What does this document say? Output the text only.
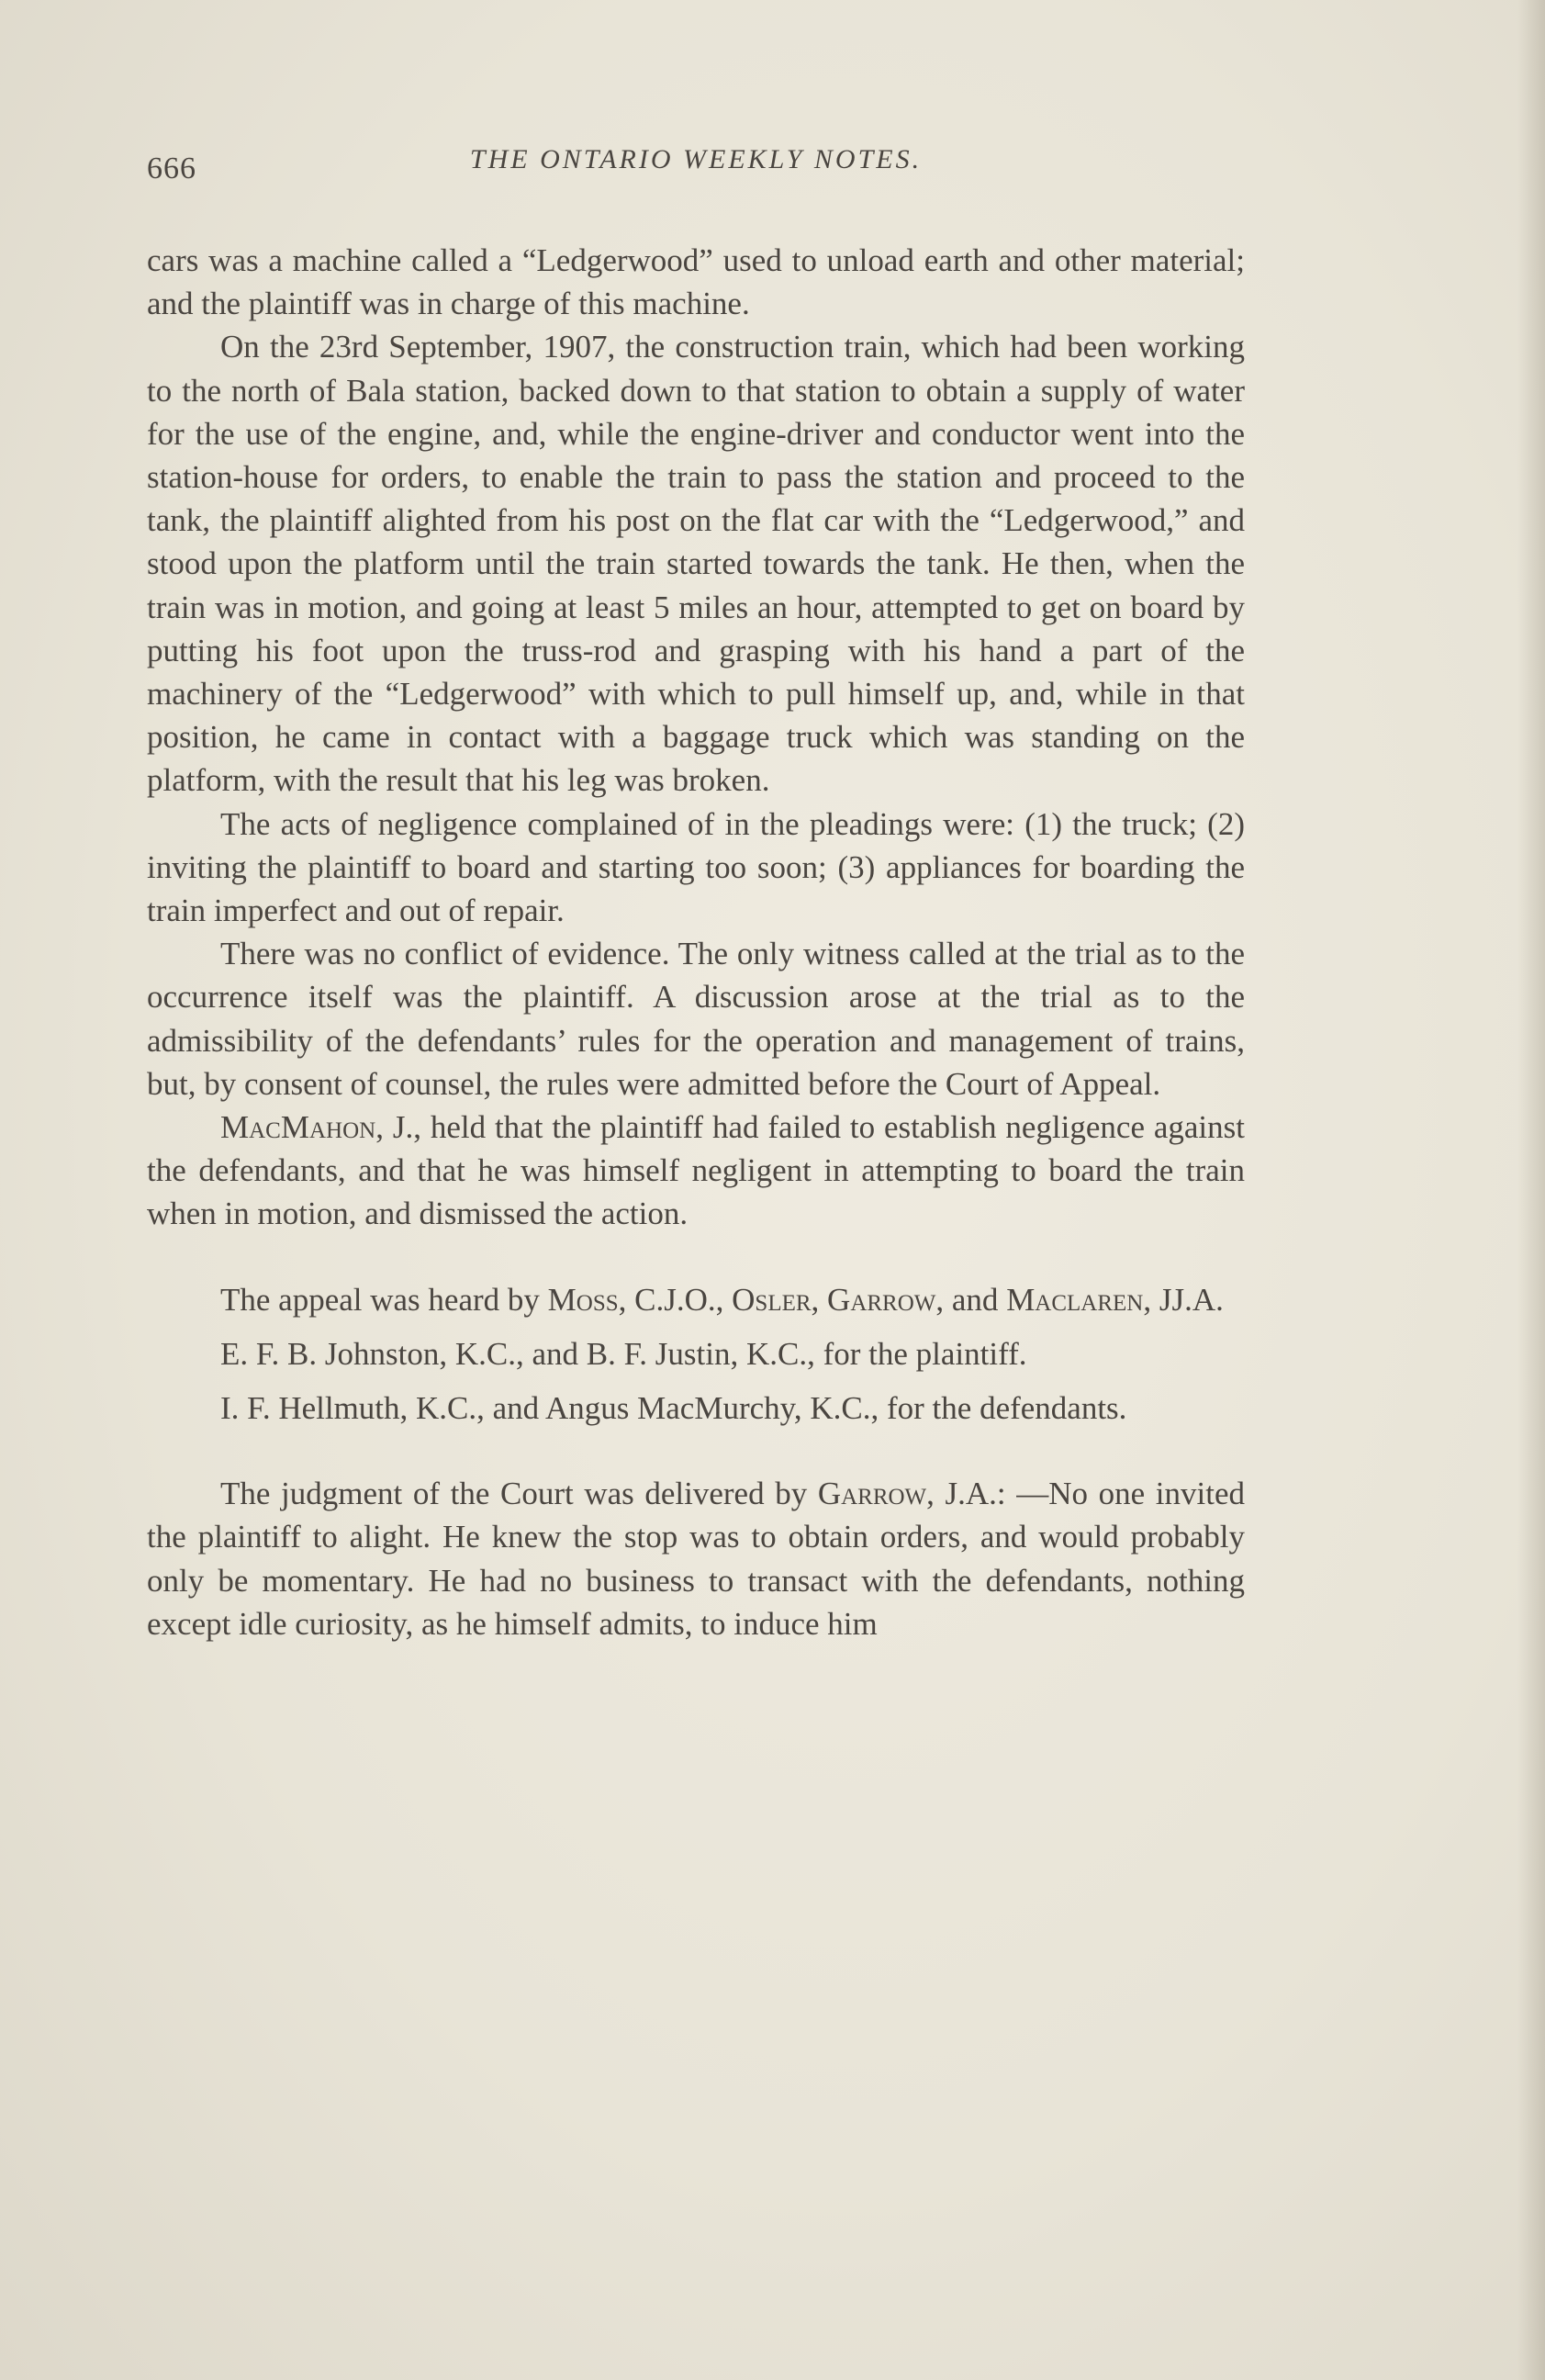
666	THE ONTARIO WEEKLY NOTES.

cars was a machine called a “Ledgerwood” used to unload earth and other material; and the plaintiff was in charge of this machine.

On the 23rd September, 1907, the construction train, which had been working to the north of Bala station, backed down to that station to obtain a supply of water for the use of the engine, and, while the engine-driver and conductor went into the station-house for orders, to enable the train to pass the station and proceed to the tank, the plaintiff alighted from his post on the flat car with the “Ledgerwood,” and stood upon the platform until the train started towards the tank. He then, when the train was in motion, and going at least 5 miles an hour, attempted to get on board by putting his foot upon the truss-rod and grasping with his hand a part of the machinery of the “Ledgerwood” with which to pull himself up, and, while in that position, he came in contact with a baggage truck which was standing on the platform, with the result that his leg was broken.

The acts of negligence complained of in the pleadings were: (1) the truck; (2) inviting the plaintiff to board and starting too soon; (3) appliances for boarding the train imperfect and out of repair.

There was no conflict of evidence. The only witness called at the trial as to the occurrence itself was the plaintiff. A discussion arose at the trial as to the admissibility of the defendants’ rules for the operation and management of trains, but, by consent of counsel, the rules were admitted before the Court of Appeal.

MacMahon, J., held that the plaintiff had failed to establish negligence against the defendants, and that he was himself negligent in attempting to board the train when in motion, and dismissed the action.

The appeal was heard by Moss, C.J.O., Osler, Garrow, and Maclaren, JJ.A.

E. F. B. Johnston, K.C., and B. F. Justin, K.C., for the plaintiff.

I. F. Hellmuth, K.C., and Angus MacMurchy, K.C., for the defendants.

The judgment of the Court was delivered by Garrow, J.A.: —No one invited the plaintiff to alight. He knew the stop was to obtain orders, and would probably only be momentary. He had no business to transact with the defendants, nothing except idle curiosity, as he himself admits, to induce him
